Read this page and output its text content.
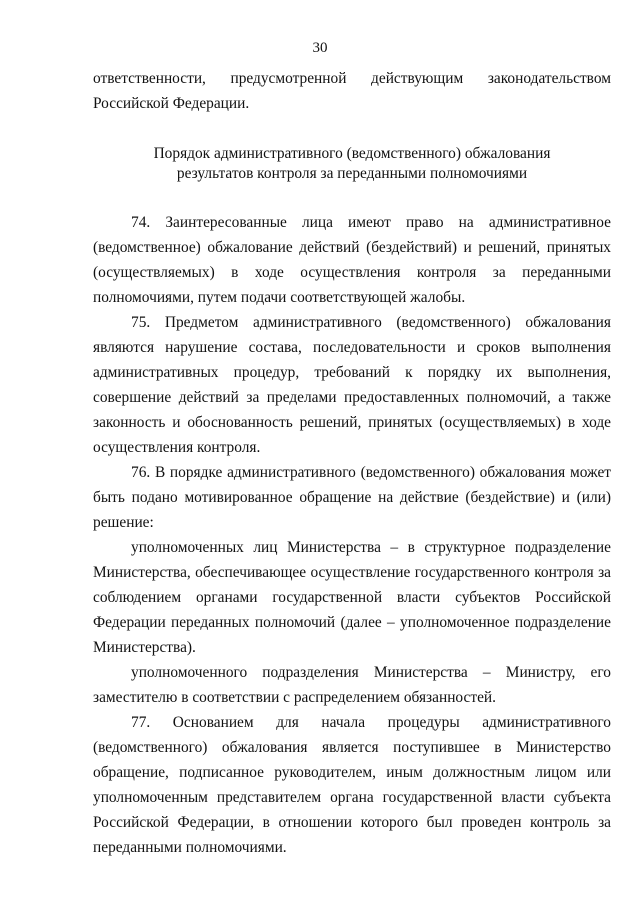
30

ответственности, предусмотренной действующим законодательством Российской Федерации.

Порядок административного (ведомственного) обжалования
результатов контроля за переданными полномочиями

74. Заинтересованные лица имеют право на административное (ведомственное) обжалование действий (бездействий) и решений, принятых (осуществляемых) в ходе осуществления контроля за переданными полномочиями, путем подачи соответствующей жалобы.

75. Предметом административного (ведомственного) обжалования являются нарушение состава, последовательности и сроков выполнения административных процедур, требований к порядку их выполнения, совершение действий за пределами предоставленных полномочий, а также законность и обоснованность решений, принятых (осуществляемых) в ходе осуществления контроля.

76. В порядке административного (ведомственного) обжалования может быть подано мотивированное обращение на действие (бездействие) и (или) решение:

уполномоченных лиц Министерства – в структурное подразделение Министерства, обеспечивающее осуществление государственного контроля за соблюдением органами государственной власти субъектов Российской Федерации переданных полномочий (далее – уполномоченное подразделение Министерства).

уполномоченного подразделения Министерства – Министру, его заместителю в соответствии с распределением обязанностей.

77. Основанием для начала процедуры административного (ведомственного) обжалования является поступившее в Министерство обращение, подписанное руководителем, иным должностным лицом или уполномоченным представителем органа государственной власти субъекта Российской Федерации, в отношении которого был проведен контроль за переданными полномочиями.
